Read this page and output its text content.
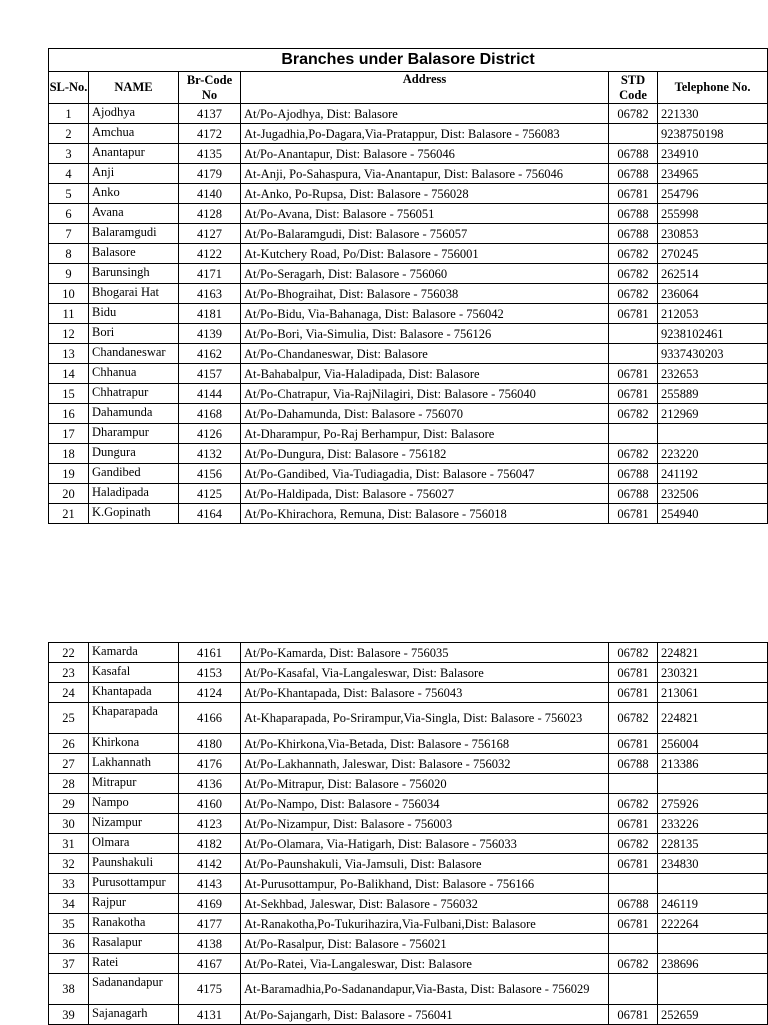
Branches under Balasore District					
SL-No.	NAME	Br-Code No	Address	STD Code	Telephone No.
1	Ajodhya	4137	At/Po-Ajodhya, Dist: Balasore	06782	221330
2	Amchua	4172	At-Jugadhia,Po-Dagara,Via-Pratappur, Dist: Balasore - 756083		9238750198
3	Anantapur	4135	At/Po-Anantapur, Dist: Balasore - 756046	06788	234910
4	Anji	4179	At-Anji, Po-Sahaspura, Via-Anantapur, Dist: Balasore - 756046	06788	234965
5	Anko	4140	At-Anko, Po-Rupsa, Dist: Balasore - 756028	06781	254796
6	Avana	4128	At/Po-Avana, Dist: Balasore - 756051	06788	255998
7	Balaramgudi	4127	At/Po-Balaramgudi, Dist: Balasore - 756057	06788	230853
8	Balasore	4122	At-Kutchery Road, Po/Dist: Balasore - 756001	06782	270245
9	Barunsingh	4171	At/Po-Seragarh, Dist: Balasore - 756060	06782	262514
10	Bhogarai Hat	4163	At/Po-Bhograihat, Dist: Balasore - 756038	06782	236064
11	Bidu	4181	At/Po-Bidu, Via-Bahanaga, Dist: Balasore - 756042	06781	212053
12	Bori	4139	At/Po-Bori, Via-Simulia, Dist: Balasore - 756126		9238102461
13	Chandaneswar	4162	At/Po-Chandaneswar, Dist: Balasore		9337430203
14	Chhanua	4157	At-Bahabalpur, Via-Haladipada, Dist: Balasore	06781	232653
15	Chhatrapur	4144	At/Po-Chatrapur, Via-RajNilagiri, Dist: Balasore - 756040	06781	255889
16	Dahamunda	4168	At/Po-Dahamunda, Dist: Balasore - 756070	06782	212969
17	Dharampur	4126	At-Dharampur, Po-Raj Berhampur, Dist: Balasore		
18	Dungura	4132	At/Po-Dungura, Dist: Balasore - 756182	06782	223220
19	Gandibed	4156	At/Po-Gandibed, Via-Tudiagadia, Dist: Balasore - 756047	06788	241192
20	Haladipada	4125	At/Po-Haldipada, Dist: Balasore - 756027	06788	232506
21	K.Gopinath	4164	At/Po-Khirachora, Remuna, Dist: Balasore - 756018	06781	254940
22	Kamarda	4161	At/Po-Kamarda, Dist: Balasore - 756035	06782	224821
23	Kasafal	4153	At/Po-Kasafal, Via-Langaleswar, Dist: Balasore	06781	230321
24	Khantapada	4124	At/Po-Khantapada, Dist: Balasore - 756043	06781	213061
25	Khaparapada	4166	At-Khaparapada, Po-Srirampur,Via-Singla, Dist: Balasore - 756023	06782	224821
26	Khirkona	4180	At/Po-Khirkona,Via-Betada, Dist: Balasore - 756168	06781	256004
27	Lakhannath	4176	At/Po-Lakhannath, Jaleswar, Dist: Balasore - 756032	06788	213386
28	Mitrapur	4136	At/Po-Mitrapur, Dist: Balasore - 756020		
29	Nampo	4160	At/Po-Nampo, Dist: Balasore - 756034	06782	275926
30	Nizampur	4123	At/Po-Nizampur, Dist: Balasore - 756003	06781	233226
31	Olmara	4182	At/Po-Olamara, Via-Hatigarh, Dist: Balasore - 756033	06782	228135
32	Paunshakuli	4142	At/Po-Paunshakuli, Via-Jamsuli, Dist: Balasore	06781	234830
33	Purusottampur	4143	At-Purusottampur, Po-Balikhand, Dist: Balasore - 756166		
34	Rajpur	4169	At-Sekhbad, Jaleswar, Dist: Balasore - 756032	06788	246119
35	Ranakotha	4177	At-Ranakotha,Po-Tukurihazira,Via-Fulbani,Dist: Balasore	06781	222264
36	Rasalapur	4138	At/Po-Rasalpur, Dist: Balasore - 756021		
37	Ratei	4167	At/Po-Ratei, Via-Langaleswar, Dist: Balasore	06782	238696
38	Sadanandapur	4175	At-Baramadhia,Po-Sadanandapur,Via-Basta, Dist: Balasore - 756029		
39	Sajanagarh	4131	At/Po-Sajangarh, Dist: Balasore - 756041	06781	252659
